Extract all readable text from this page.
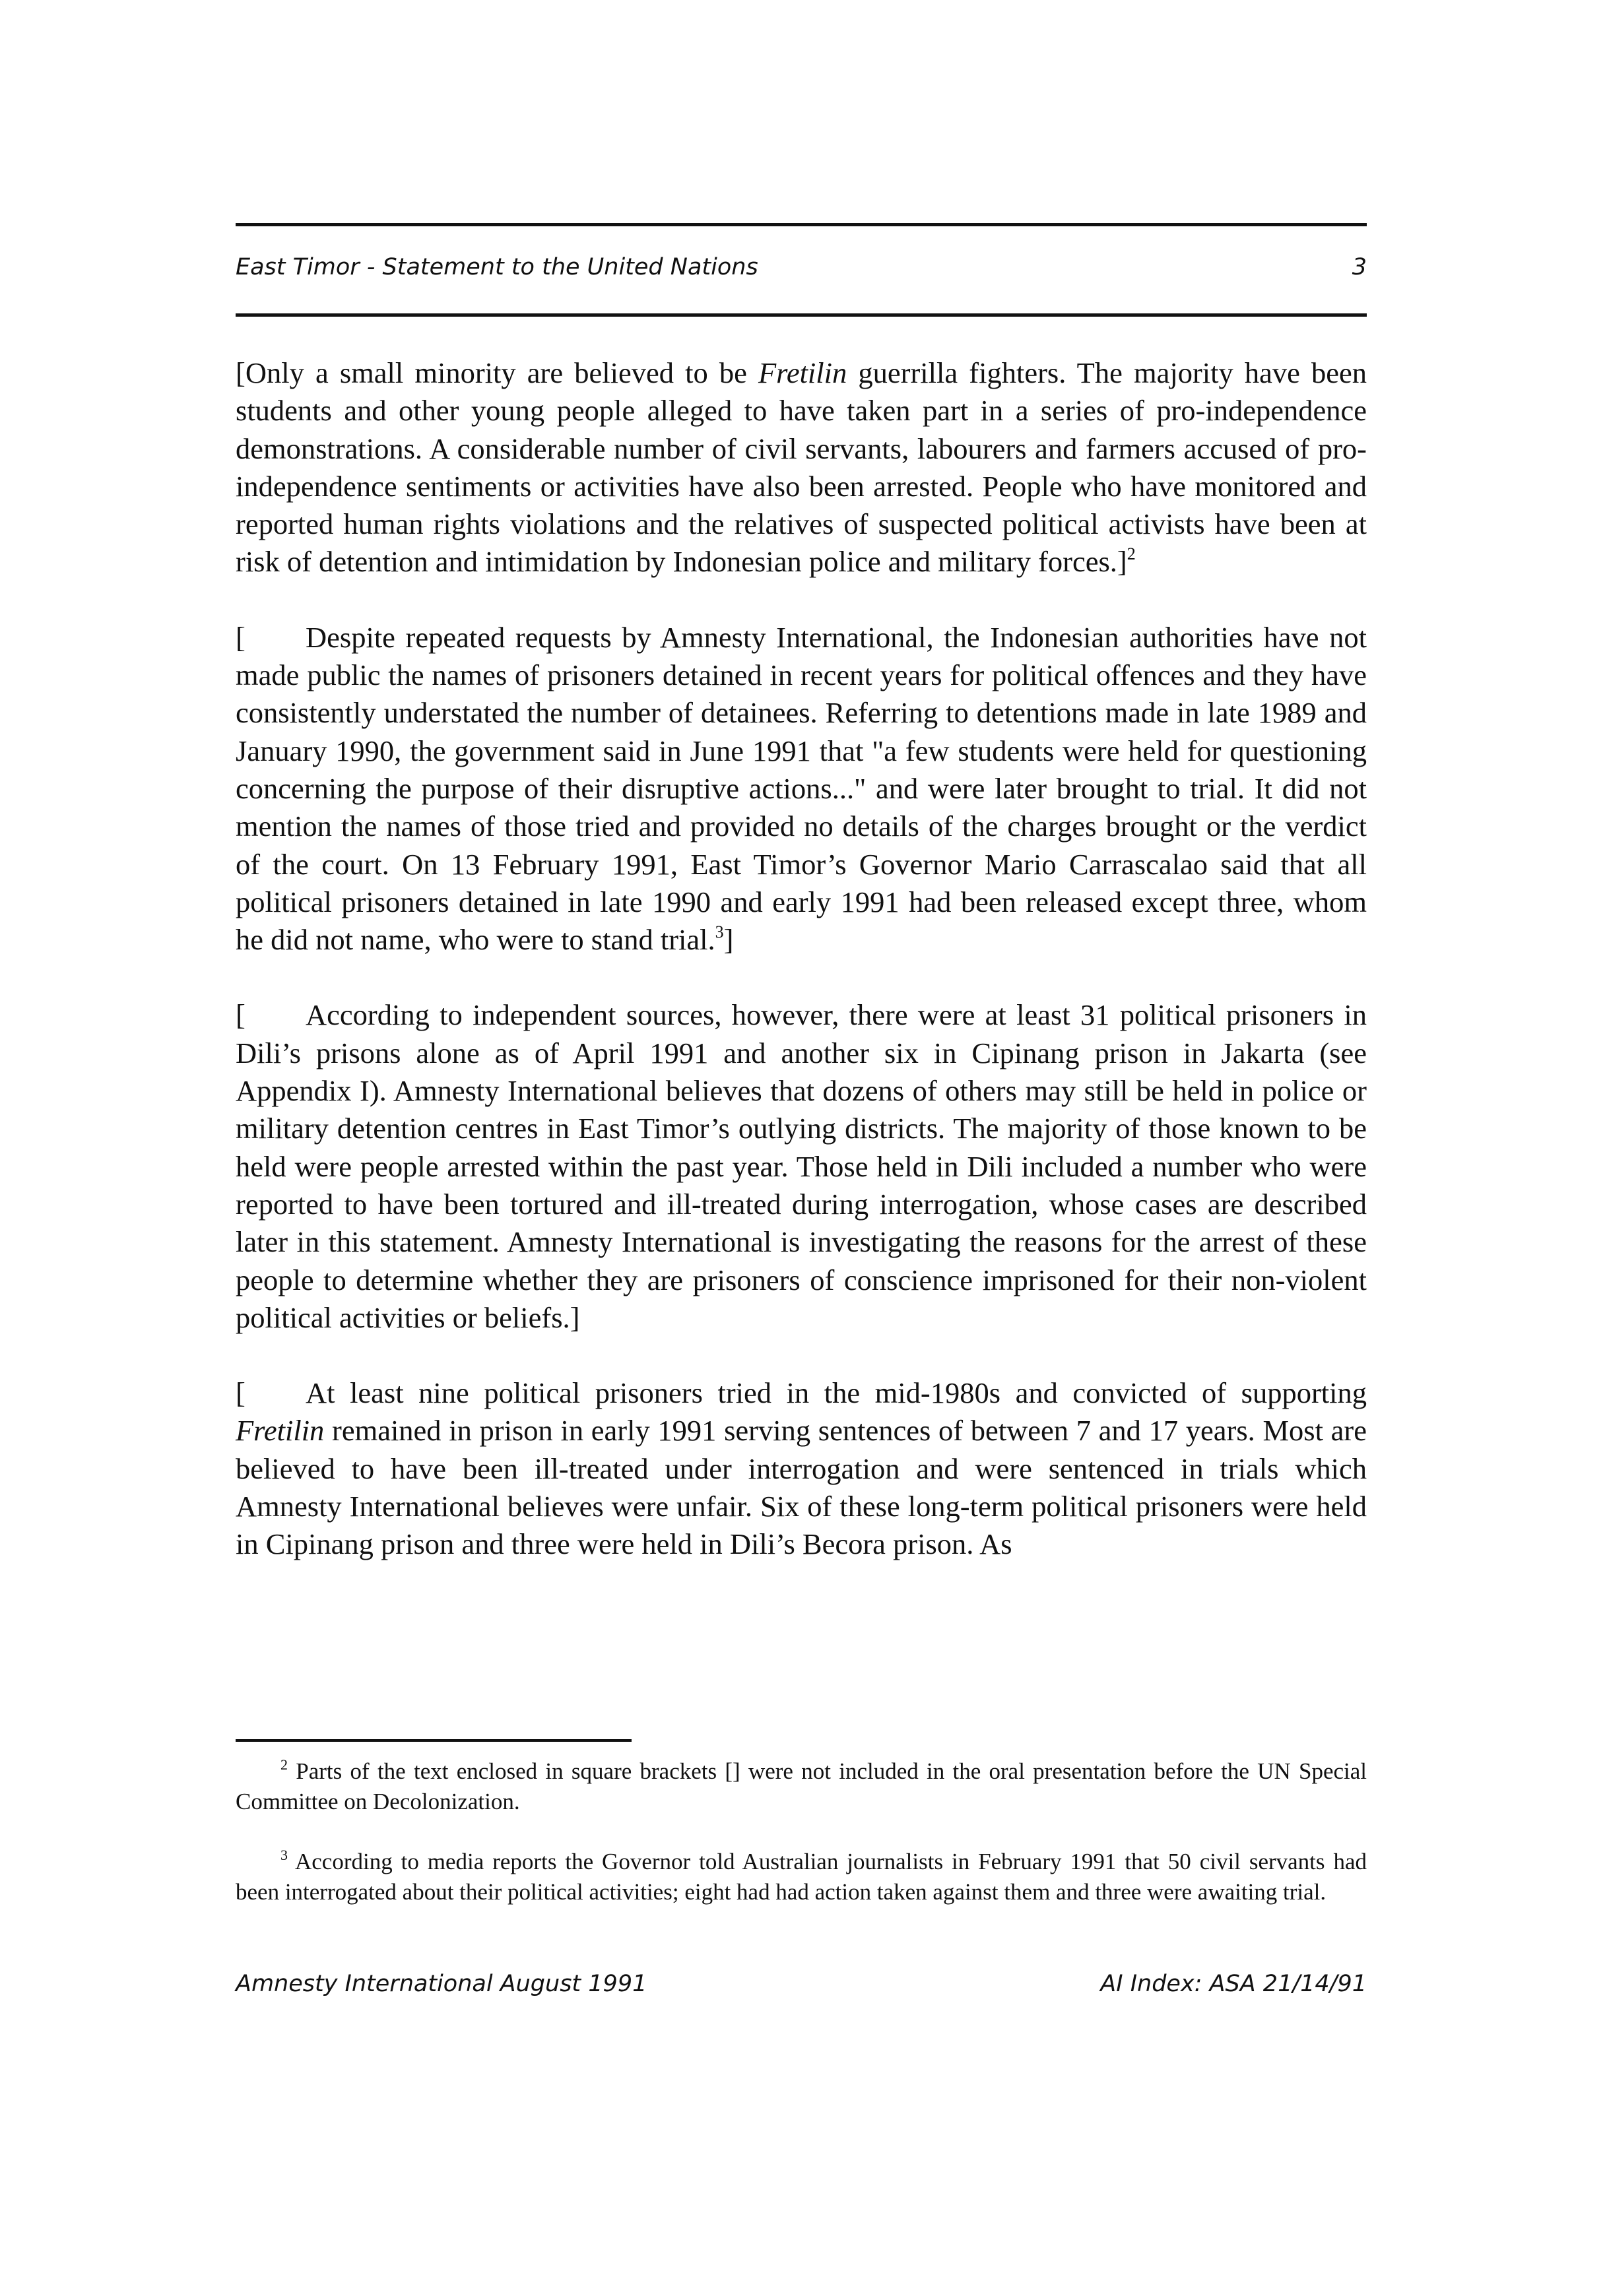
East Timor - Statement to the United Nations	3

[Only a small minority are believed to be Fretilin guerrilla fighters. The majority have been students and other young people alleged to have taken part in a series of pro-independence demonstrations. A considerable number of civil servants, labourers and farmers accused of pro-independence sentiments or activities have also been arrested. People who have monitored and reported human rights violations and the relatives of suspected political activists have been at risk of detention and intimidation by Indonesian police and military forces.]$^2$

[ Despite repeated requests by Amnesty International, the Indonesian authorities have not made public the names of prisoners detained in recent years for political offences and they have consistently understated the number of detainees. Referring to detentions made in late 1989 and January 1990, the government said in June 1991 that "a few students were held for questioning concerning the purpose of their disruptive actions..." and were later brought to trial. It did not mention the names of those tried and provided no details of the charges brought or the verdict of the court. On 13 February 1991, East Timor’s Governor Mario Carrascalao said that all political prisoners detained in late 1990 and early 1991 had been released except three, whom he did not name, who were to stand trial.$^3$]

[ According to independent sources, however, there were at least 31 political prisoners in Dili’s prisons alone as of April 1991 and another six in Cipinang prison in Jakarta (see Appendix I). Amnesty International believes that dozens of others may still be held in police or military detention centres in East Timor’s outlying districts. The majority of those known to be held were people arrested within the past year. Those held in Dili included a number who were reported to have been tortured and ill-treated during interrogation, whose cases are described later in this statement. Amnesty International is investigating the reasons for the arrest of these people to determine whether they are prisoners of conscience imprisoned for their non-violent political activities or beliefs.]

[ At least nine political prisoners tried in the mid-1980s and convicted of supporting Fretilin remained in prison in early 1991 serving sentences of between 7 and 17 years. Most are believed to have been ill-treated under interrogation and were sentenced in trials which Amnesty International believes were unfair. Six of these long-term political prisoners were held in Cipinang prison and three were held in Dili’s Becora prison. As

$^2$ Parts of the text enclosed in square brackets [] were not included in the oral presentation before the UN Special Committee on Decolonization.

$^3$ According to media reports the Governor told Australian journalists in February 1991 that 50 civil servants had been interrogated about their political activities; eight had had action taken against them and three were awaiting trial.

Amnesty International August 1991	AI Index: ASA 21/14/91
